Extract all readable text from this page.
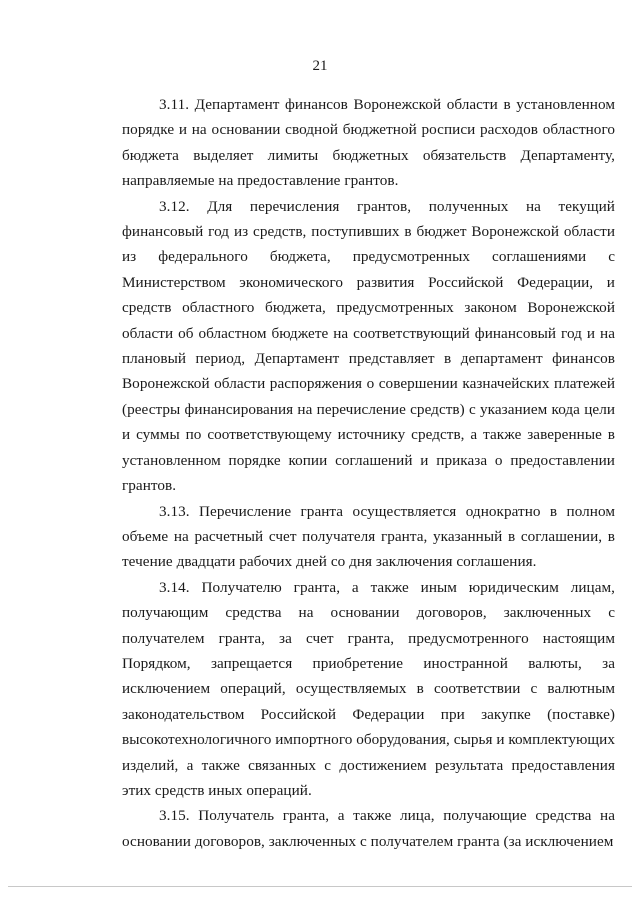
21

3.11. Департамент финансов Воронежской области в установленном порядке и на основании сводной бюджетной росписи расходов областного бюджета выделяет лимиты бюджетных обязательств Департаменту, направляемые на предоставление грантов.

3.12. Для перечисления грантов, полученных на текущий финансовый год из средств, поступивших в бюджет Воронежской области из федерального бюджета, предусмотренных соглашениями с Министерством экономического развития Российской Федерации, и средств областного бюджета, предусмотренных законом Воронежской области об областном бюджете на соответствующий финансовый год и на плановый период, Департамент представляет в департамент финансов Воронежской области распоряжения о совершении казначейских платежей (реестры финансирования на перечисление средств) с указанием кода цели и суммы по соответствующему источнику средств, а также заверенные в установленном порядке копии соглашений и приказа о предоставлении грантов.

3.13. Перечисление гранта осуществляется однократно в полном объеме на расчетный счет получателя гранта, указанный в соглашении, в течение двадцати рабочих дней со дня заключения соглашения.

3.14. Получателю гранта, а также иным юридическим лицам, получающим средства на основании договоров, заключенных с получателем гранта, за счет гранта, предусмотренного настоящим Порядком, запрещается приобретение иностранной валюты, за исключением операций, осуществляемых в соответствии с валютным законодательством Российской Федерации при закупке (поставке) высокотехнологичного импортного оборудования, сырья и комплектующих изделий, а также связанных с достижением результата предоставления этих средств иных операций.

3.15. Получатель гранта, а также лица, получающие средства на основании договоров, заключенных с получателем гранта (за исключением
